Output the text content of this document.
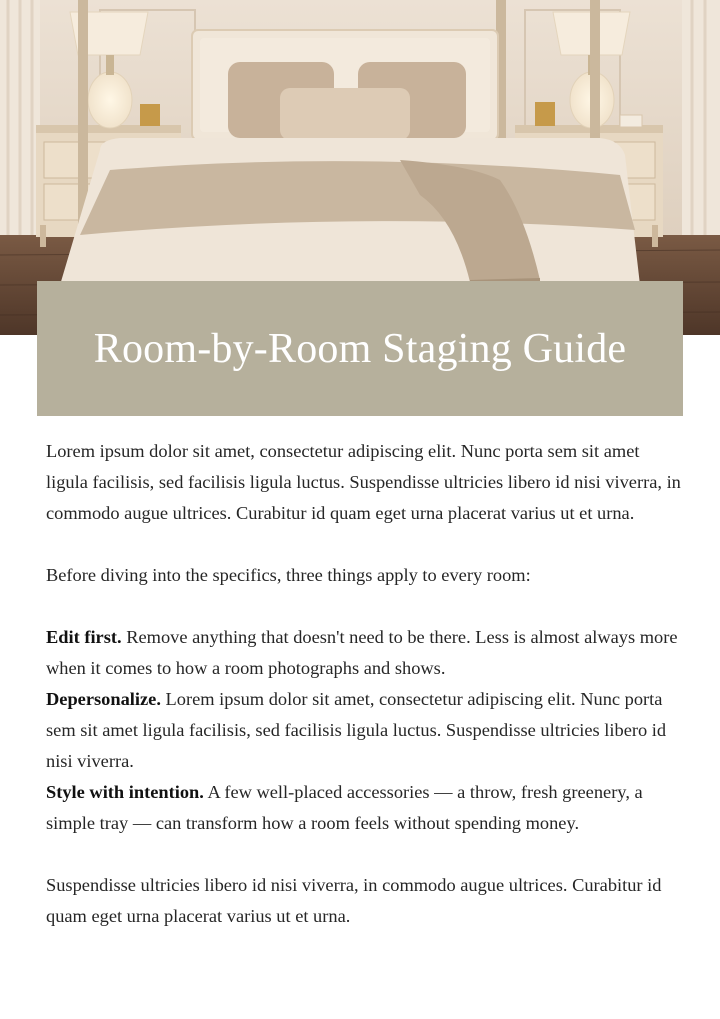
Room-by-Room Staging Guide

Lorem ipsum dolor sit amet, consectetur adipiscing elit. Nunc porta sem sit amet ligula facilisis, sed facilisis ligula luctus. Suspendisse ultricies libero id nisi viverra, in commodo augue ultrices. Curabitur id quam eget urna placerat varius ut et urna.

Before diving into the specifics, three things apply to every room:

Edit first. Remove anything that doesn't need to be there. Less is almost always more when it comes to how a room photographs and shows.

Depersonalize. Lorem ipsum dolor sit amet, consectetur adipiscing elit. Nunc porta sem sit amet ligula facilisis, sed facilisis ligula luctus. Suspendisse ultricies libero id nisi viverra.

Style with intention. A few well-placed accessories — a throw, fresh greenery, a simple tray — can transform how a room feels without spending money.

Suspendisse ultricies libero id nisi viverra, in commodo augue ultrices. Curabitur id quam eget urna placerat varius ut et urna.
